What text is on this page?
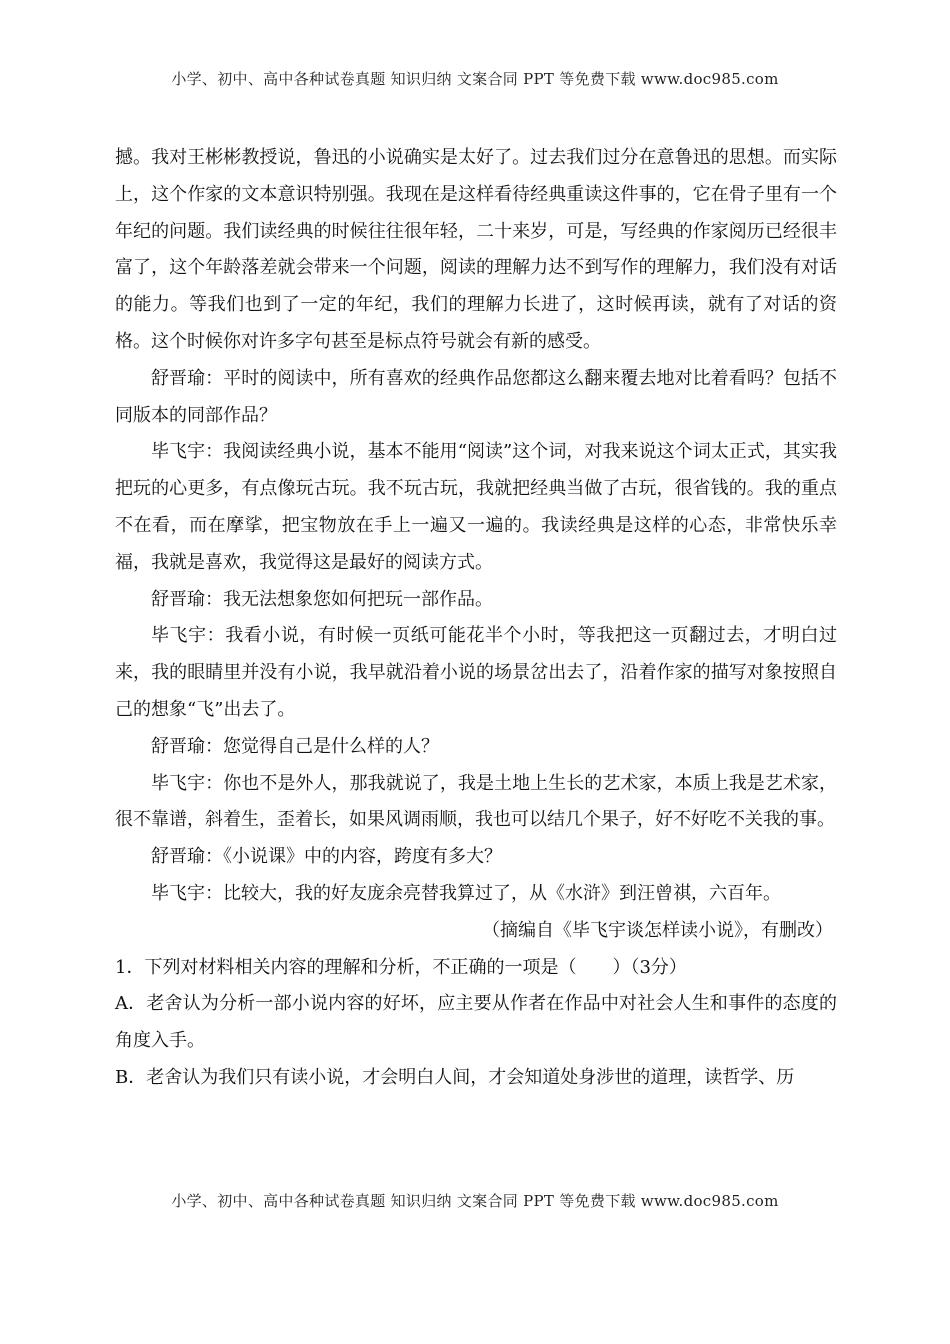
小学、初中、高中各种试卷真题 知识归纳 文案合同 PPT 等免费下载 www.doc985.com

撼。我对王彬彬教授说，鲁迅的小说确实是太好了。过去我们过分在意鲁迅的思想。而实际上，这个作家的文本意识特别强。我现在是这样看待经典重读这件事的，它在骨子里有一个年纪的问题。我们读经典的时候往往很年轻，二十来岁，可是，写经典的作家阅历已经很丰富了，这个年龄落差就会带来一个问题，阅读的理解力达不到写作的理解力，我们没有对话的能力。等我们也到了一定的年纪，我们的理解力长进了，这时候再读，就有了对话的资格。这个时候你对许多字句甚至是标点符号就会有新的感受。

舒晋瑜：平时的阅读中，所有喜欢的经典作品您都这么翻来覆去地对比着看吗？包括不同版本的同部作品？

毕飞宇：我阅读经典小说，基本不能用“阅读”这个词，对我来说这个词太正式，其实我把玩的心更多，有点像玩古玩。我不玩古玩，我就把经典当做了古玩，很省钱的。我的重点不在看，而在摩挲，把宝物放在手上一遍又一遍的。我读经典是这样的心态，非常快乐幸福，我就是喜欢，我觉得这是最好的阅读方式。

舒晋瑜：我无法想象您如何把玩一部作品。

毕飞宇：我看小说，有时候一页纸可能花半个小时，等我把这一页翻过去，才明白过来，我的眼睛里并没有小说，我早就沿着小说的场景岔出去了，沿着作家的描写对象按照自己的想象“飞”出去了。

舒晋瑜：您觉得自己是什么样的人？

毕飞宇：你也不是外人，那我就说了，我是土地上生长的艺术家，本质上我是艺术家，很不靠谱，斜着生，歪着长，如果风调雨顺，我也可以结几个果子，好不好吃不关我的事。

舒晋瑜：《小说课》中的内容，跨度有多大？

毕飞宇：比较大，我的好友庞余亮替我算过了，从《水浒》到汪曾祺，六百年。

（摘编自《毕飞宇谈怎样读小说》，有删改）

1．下列对材料相关内容的理解和分析，不正确的一项是（　　）（3分）

A．老舍认为分析一部小说内容的好坏，应主要从作者在作品中对社会人生和事件的态度的角度入手。

B．老舍认为我们只有读小说，才会明白人间，才会知道处身涉世的道理，读哲学、历

小学、初中、高中各种试卷真题 知识归纳 文案合同 PPT 等免费下载 www.doc985.com
